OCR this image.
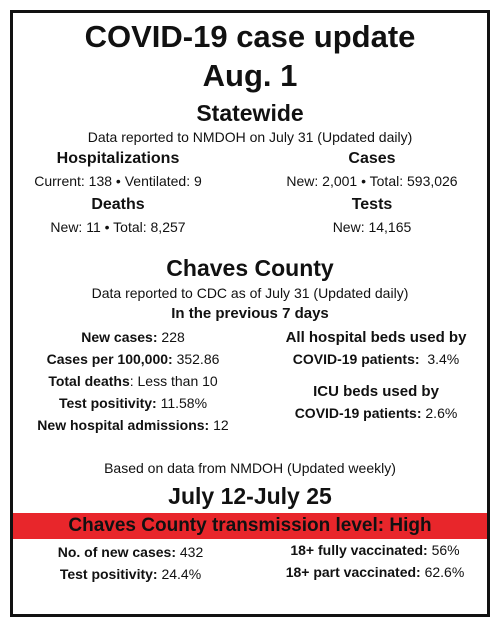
COVID-19 case update
Aug. 1
Statewide
Data reported to NMDOH on July 31 (Updated daily)
Hospitalizations
Current: 138 • Ventilated: 9
Cases
New: 2,001 • Total: 593,026
Deaths
New: 11 • Total: 8,257
Tests
New: 14,165
Chaves County
Data reported to CDC as of July 31 (Updated daily)
In the previous 7 days
New cases: 228
Cases per 100,000: 352.86
Total deaths: Less than 10
Test positivity: 11.58%
New hospital admissions: 12
All hospital beds used by
COVID-19 patients:  3.4%
ICU beds used by
COVID-19 patients: 2.6%
Based on data from NMDOH (Updated weekly)
July 12-July 25
Chaves County transmission level: High
No. of new cases: 432
Test positivity: 24.4%
18+ fully vaccinated: 56%
18+ part vaccinated: 62.6%
